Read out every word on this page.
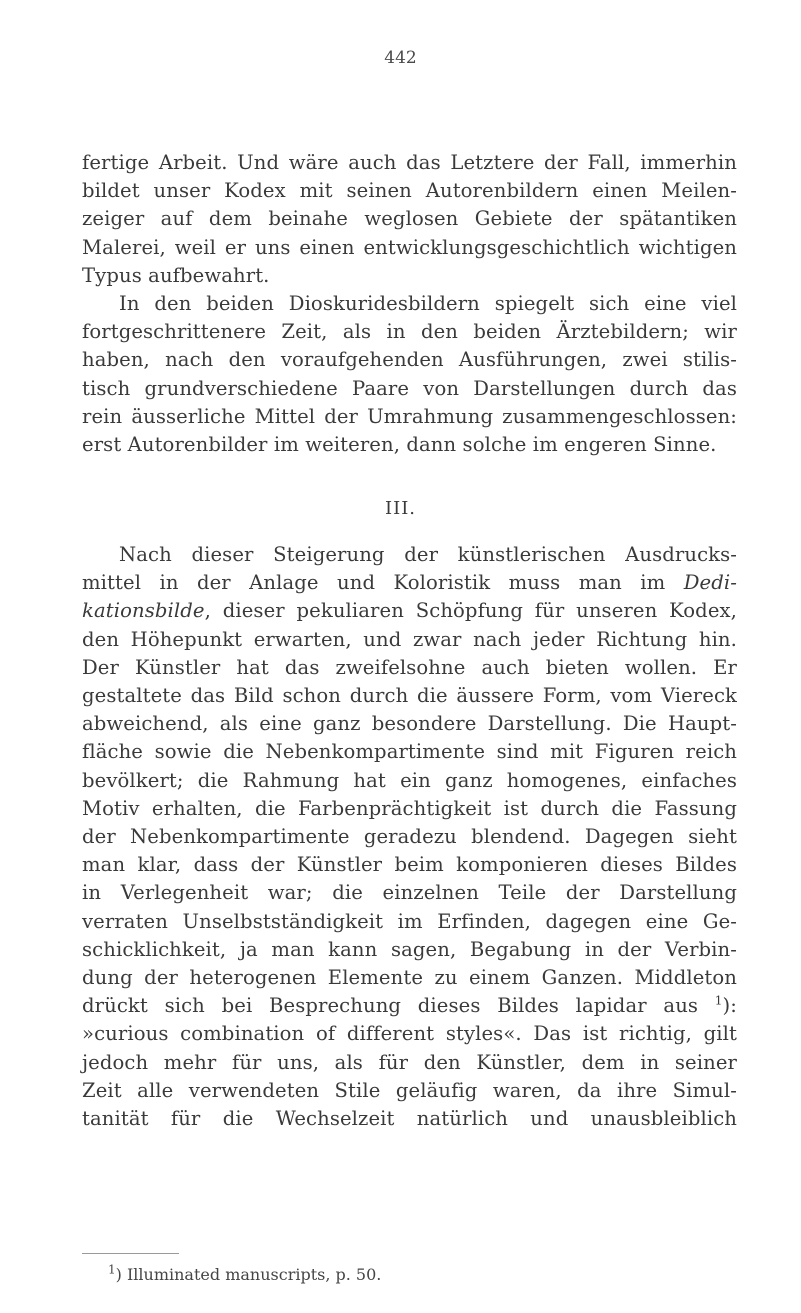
442
fertige Arbeit. Und wäre auch das Letztere der Fall, immerhin
bildet unser Kodex mit seinen Autorenbildern einen Meilen-
zeiger auf dem beinahe weglosen Gebiete der spätantiken
Malerei, weil er uns einen entwicklungsgeschichtlich wichtigen
Typus aufbewahrt.
In den beiden Dioskuridesbildern spiegelt sich eine viel
fortgeschrittenere Zeit, als in den beiden Ärztebildern; wir
haben, nach den voraufgehenden Ausführungen, zwei stilis-
tisch grundverschiedene Paare von Darstellungen durch das
rein äusserliche Mittel der Umrahmung zusammengeschlossen:
erst Autorenbilder im weiteren, dann solche im engeren Sinne.
III.
Nach dieser Steigerung der künstlerischen Ausdrucks-
mittel in der Anlage und Koloristik muss man im Dedi-
kationsbilde, dieser pekuliaren Schöpfung für unseren Kodex,
den Höhepunkt erwarten, und zwar nach jeder Richtung hin.
Der Künstler hat das zweifelsohne auch bieten wollen. Er
gestaltete das Bild schon durch die äussere Form, vom Viereck
abweichend, als eine ganz besondere Darstellung. Die Haupt-
fläche sowie die Nebenkompartimente sind mit Figuren reich
bevölkert; die Rahmung hat ein ganz homogenes, einfaches
Motiv erhalten, die Farbenprächtigkeit ist durch die Fassung
der Nebenkompartimente geradezu blendend. Dagegen sieht
man klar, dass der Künstler beim komponieren dieses Bildes
in Verlegenheit war; die einzelnen Teile der Darstellung
verraten Unselbstständigkeit im Erfinden, dagegen eine Ge-
schicklichkeit, ja man kann sagen, Begabung in der Verbin-
dung der heterogenen Elemente zu einem Ganzen. Middleton
drückt sich bei Besprechung dieses Bildes lapidar aus $^1$):
»curious combination of different styles«. Das ist richtig, gilt
jedoch mehr für uns, als für den Künstler, dem in seiner
Zeit alle verwendeten Stile geläufig waren, da ihre Simul-
tanität für die Wechselzeit natürlich und unausbleiblich
$^1$) Illuminated manuscripts, p. 50.
